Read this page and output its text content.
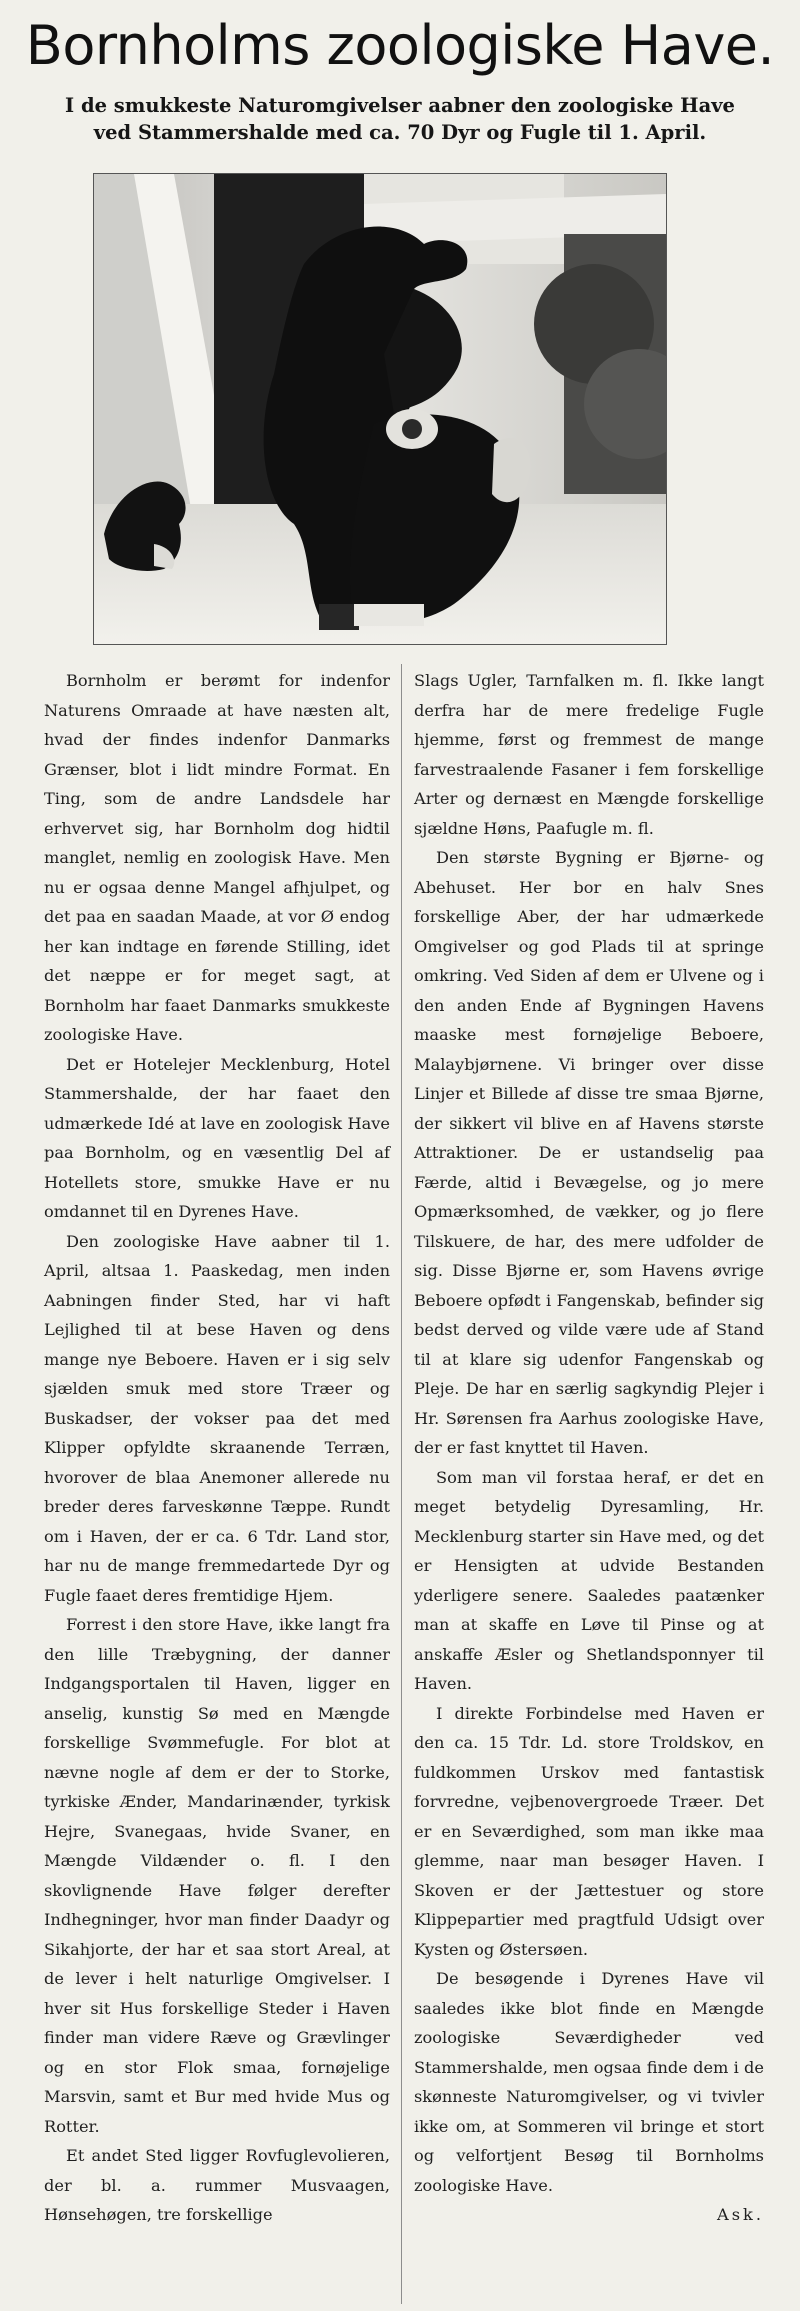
Bornholms zoologiske Have.
I de smukkeste Naturomgivelser aabner den zoologiske Have
ved Stammershalde med ca. 70 Dyr og Fugle til 1. April.

Bornholm er berømt for indenfor Naturens Omraade at have næsten alt, hvad der findes indenfor Danmarks Grænser, blot i lidt mindre Format. En Ting, som de andre Landsdele har erhvervet sig, har Bornholm dog hidtil manglet, nemlig en zoologisk Have. Men nu er ogsaa denne Mangel afhjulpet, og det paa en saadan Maade, at vor Ø endog her kan indtage en førende Stilling, idet det næppe er for meget sagt, at Bornholm har faaet Danmarks smukkeste zoologiske Have.

Det er Hotelejer Mecklenburg, Hotel Stammershalde, der har faaet den udmærkede Idé at lave en zoologisk Have paa Bornholm, og en væsentlig Del af Hotellets store, smukke Have er nu omdannet til en Dyrenes Have.

Den zoologiske Have aabner til 1. April, altsaa 1. Paaskedag, men inden Aabningen finder Sted, har vi haft Lejlighed til at bese Haven og dens mange nye Beboere. Haven er i sig selv sjælden smuk med store Træer og Buskadser, der vokser paa det med Klipper opfyldte skraanende Terræn, hvorover de blaa Anemoner allerede nu breder deres farveskønne Tæppe. Rundt om i Haven, der er ca. 6 Tdr. Land stor, har nu de mange fremmedartede Dyr og Fugle faaet deres fremtidige Hjem.

Forrest i den store Have, ikke langt fra den lille Træbygning, der danner Indgangsportalen til Haven, ligger en anselig, kunstig Sø med en Mængde forskellige Svømmefugle. For blot at nævne nogle af dem er der to Storke, tyrkiske Ænder, Mandarinænder, tyrkisk Hejre, Svanegaas, hvide Svaner, en Mængde Vildænder o. fl. I den skovlignende Have følger derefter Indhegninger, hvor man finder Daadyr og Sikahjorte, der har et saa stort Areal, at de lever i helt naturlige Omgivelser. I hver sit Hus forskellige Steder i Haven finder man videre Ræve og Grævlinger og en stor Flok smaa, fornøjelige Marsvin, samt et Bur med hvide Mus og Rotter.

Et andet Sted ligger Rovfuglevolieren, der bl. a. rummer Musvaagen, Hønsehøgen, tre forskellige

Slags Ugler, Tarnfalken m. fl. Ikke langt derfra har de mere fredelige Fugle hjemme, først og fremmest de mange farvestraalende Fasaner i fem forskellige Arter og dernæst en Mængde forskellige sjældne Høns, Paafugle m. fl.

Den største Bygning er Bjørne- og Abehuset. Her bor en halv Snes forskellige Aber, der har udmærkede Omgivelser og god Plads til at springe omkring. Ved Siden af dem er Ulvene og i den anden Ende af Bygningen Havens maaske mest fornøjelige Beboere, Malaybjørnene. Vi bringer over disse Linjer et Billede af disse tre smaa Bjørne, der sikkert vil blive en af Havens største Attraktioner. De er ustandselig paa Færde, altid i Bevægelse, og jo mere Opmærksomhed, de vækker, og jo flere Tilskuere, de har, des mere udfolder de sig. Disse Bjørne er, som Havens øvrige Beboere opfødt i Fangenskab, befinder sig bedst derved og vilde være ude af Stand til at klare sig udenfor Fangenskab og Pleje. De har en særlig sagkyndig Plejer i Hr. Sørensen fra Aarhus zoologiske Have, der er fast knyttet til Haven.

Som man vil forstaa heraf, er det en meget betydelig Dyresamling, Hr. Mecklenburg starter sin Have med, og det er Hensigten at udvide Bestanden yderligere senere. Saaledes paatænker man at skaffe en Løve til Pinse og at anskaffe Æsler og Shetlandsponnyer til Haven.

I direkte Forbindelse med Haven er den ca. 15 Tdr. Ld. store Troldskov, en fuldkommen Urskov med fantastisk forvredne, vejbenovergroede Træer. Det er en Seværdighed, som man ikke maa glemme, naar man besøger Haven. I Skoven er der Jættestuer og store Klippepartier med pragtfuld Udsigt over Kysten og Østersøen.

De besøgende i Dyrenes Have vil saaledes ikke blot finde en Mængde zoologiske Seværdigheder ved Stammershalde, men ogsaa finde dem i de skønneste Naturomgivelser, og vi tvivler ikke om, at Sommeren vil bringe et stort og velfortjent Besøg til Bornholms zoologiske Have.

Ask.
